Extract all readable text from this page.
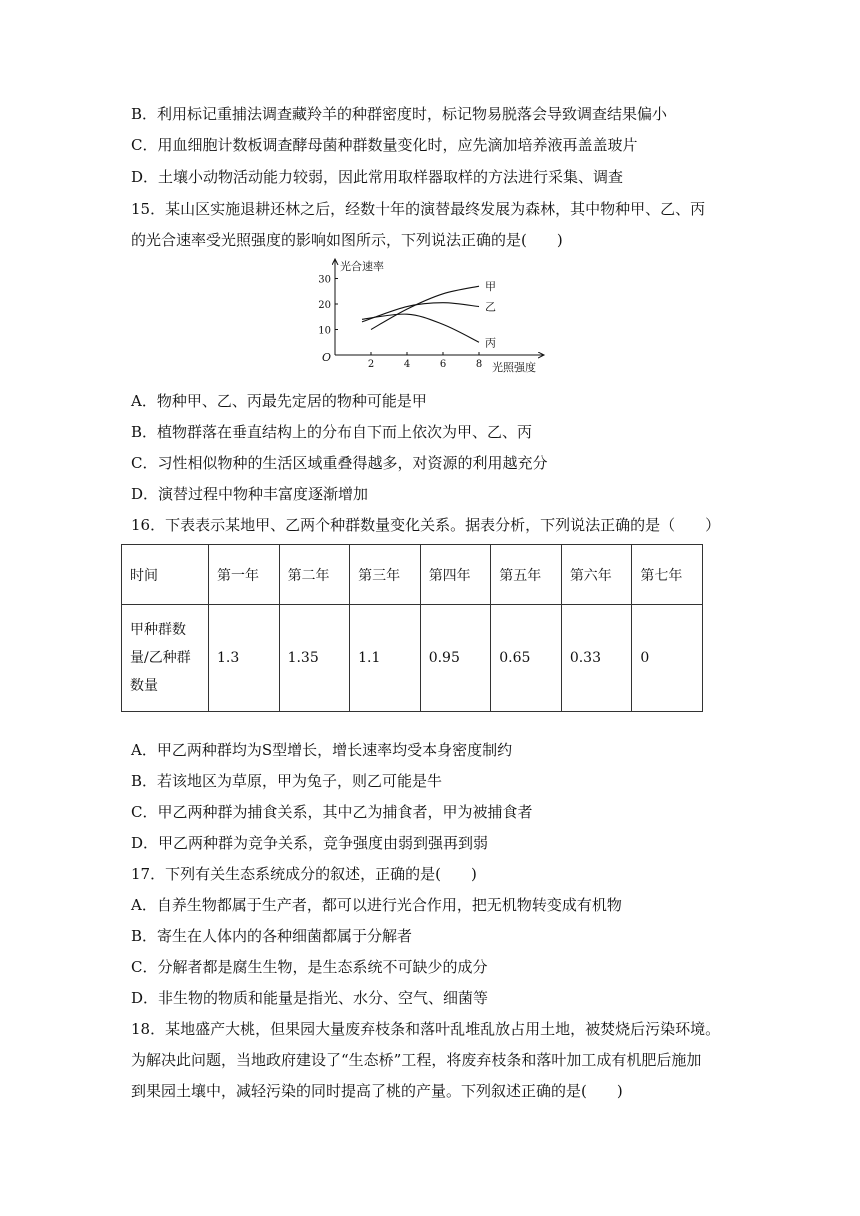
B．利用标记重捕法调查藏羚羊的种群密度时，标记物易脱落会导致调查结果偏小
C．用血细胞计数板调查酵母菌种群数量变化时，应先滴加培养液再盖盖玻片
D．土壤小动物活动能力较弱，因此常用取样器取样的方法进行采集、调查
15．某山区实施退耕还林之后，经数十年的演替最终发展为森林，其中物种甲、乙、丙
的光合速率受光照强度的影响如图所示，下列说法正确的是(　　)
光合速率
光照强度
O
2	4	6	8
10
20
30
甲
乙
丙
A．物种甲、乙、丙最先定居的物种可能是甲
B．植物群落在垂直结构上的分布自下而上依次为甲、乙、丙
C．习性相似物种的生活区域重叠得越多，对资源的利用越充分
D．演替过程中物种丰富度逐渐增加
16．下表表示某地甲、乙两个种群数量变化关系。据表分析，下列说法正确的是（　　）
时间	第一年	第二年	第三年	第四年	第五年	第六年	第七年
甲种群数
量/乙种群
数量	1.3	1.35	1.1	0.95	0.65	0.33	0
A．甲乙两种群均为S型增长，增长速率均受本身密度制约
B．若该地区为草原，甲为兔子，则乙可能是牛
C．甲乙两种群为捕食关系，其中乙为捕食者，甲为被捕食者
D．甲乙两种群为竞争关系，竞争强度由弱到强再到弱
17．下列有关生态系统成分的叙述，正确的是(　　)
A．自养生物都属于生产者，都可以进行光合作用，把无机物转变成有机物
B．寄生在人体内的各种细菌都属于分解者
C．分解者都是腐生生物，是生态系统不可缺少的成分
D．非生物的物质和能量是指光、水分、空气、细菌等
18．某地盛产大桃，但果园大量废弃枝条和落叶乱堆乱放占用土地，被焚烧后污染环境。
为解决此问题，当地政府建设了“生态桥”工程，将废弃枝条和落叶加工成有机肥后施加
到果园土壤中，减轻污染的同时提高了桃的产量。下列叙述正确的是(　　)
